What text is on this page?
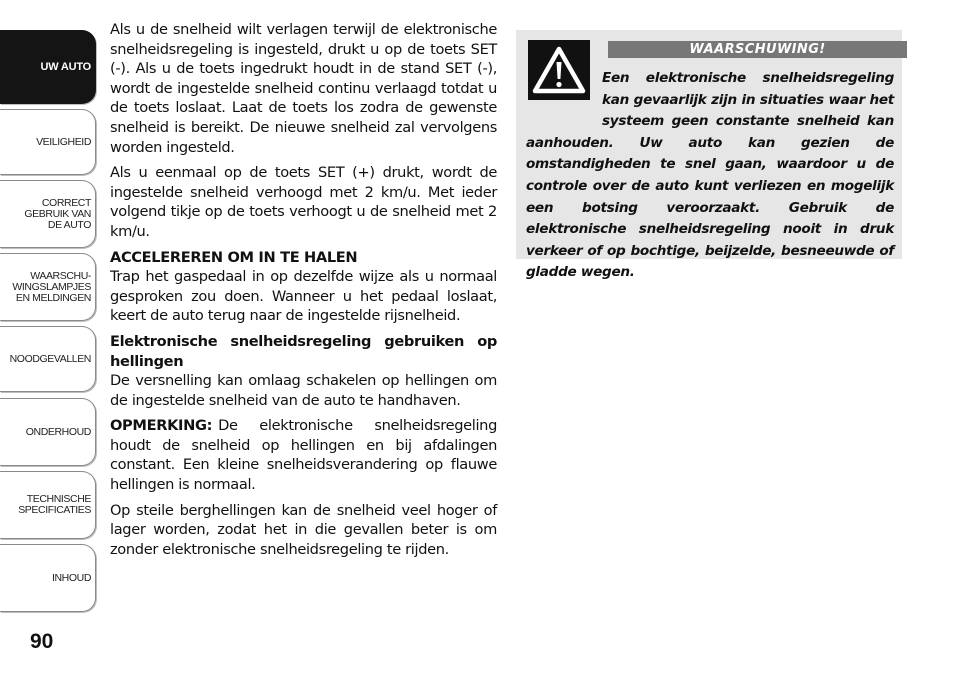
UW AUTO
VEILIGHEID
CORRECT
GEBRUIK VAN
DE AUTO
WAARSCHU-
WINGSLAMPJES
EN MELDINGEN
NOODGEVALLEN
ONDERHOUD
TECHNISCHE
SPECIFICATIES
INHOUD
90

Als u de snelheid wilt verlagen terwijl de elektronische snelheidsregeling is ingesteld, drukt u op de toets SET (-). Als u de toets ingedrukt houdt in de stand SET (-), wordt de ingestelde snelheid continu verlaagd totdat u de toets loslaat. Laat de toets los zodra de gewenste snelheid is bereikt. De nieuwe snelheid zal vervolgens worden ingesteld.

Als u eenmaal op de toets SET (+) drukt, wordt de ingestelde snelheid verhoogd met 2 km/u. Met ieder volgend tikje op de toets verhoogt u de snelheid met 2 km/u.

ACCELEREREN OM IN TE HALEN

Trap het gaspedaal in op dezelfde wijze als u normaal gesproken zou doen. Wanneer u het pedaal loslaat, keert de auto terug naar de ingestelde rijsnelheid.

Elektronische snelheidsregeling gebruiken op hellingen

De versnelling kan omlaag schakelen op hellingen om de ingestelde snelheid van de auto te handhaven.

OPMERKING: De elektronische snelheidsregeling houdt de snelheid op hellingen en bij afdalingen constant. Een kleine snelheidsverandering op flauwe hellingen is normaal.

Op steile berghellingen kan de snelheid veel hoger of lager worden, zodat het in die gevallen beter is om zonder elektronische snelheidsregeling te rijden.

WAARSCHUWING!
Een elektronische snelheidsregeling kan gevaarlijk zijn in situaties waar het systeem geen constante snelheid kan aanhouden. Uw auto kan gezien de omstandigheden te snel gaan, waardoor u de controle over de auto kunt verliezen en mogelijk een botsing veroorzaakt. Gebruik de elektronische snelheidsregeling nooit in druk verkeer of op bochtige, beijzelde, besneeuwde of gladde wegen.
